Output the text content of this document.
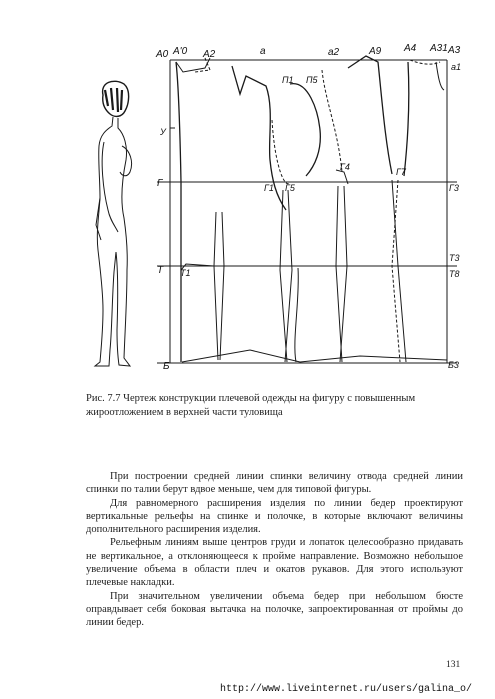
A0 A'0 A2	a	a2	A9 A4 A31 A3
a1
П1 П5
У
Г4	Г7
Г	Г1 Г5	Г3
Т3
Т Т1	Т8
Б	Б3
Рис. 7.7 Чертеж конструкции плечевой одежды на фигуру с повышенным жироотложением в верхней части туловища

При построении средней линии спинки величину отвода средней линии спинки по талии берут вдвое меньше, чем для типовой фигуры.

Для равномерного расширения изделия по линии бедер проектируют вертикальные рельефы на спинке и полочке, в которые включают величины дополнительного расширения изделия.

Рельефным линиям выше центров груди и лопаток целесообразно придавать не вертикальное, а отклоняющееся к пройме направление. Возможно небольшое увеличение объема в области плеч и окатов рукавов. Для этого используют плечевые накладки.

При значительном увеличении объема бедер при небольшом бюсте оправдывает себя боковая вытачка на полочке, запроектированная от проймы до линии бедер.

131
http://www.liveinternet.ru/users/galina_o/
